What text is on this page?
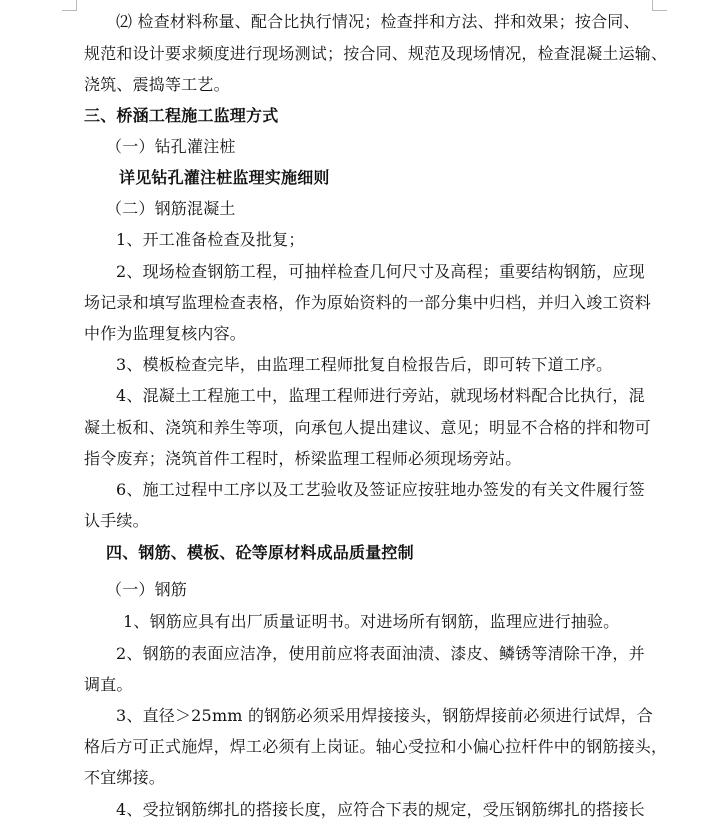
⑵ 检查材料称量、配合比执行情况；检查拌和方法、拌和效果；按合同、
规范和设计要求频度进行现场测试；按合同、规范及现场情况，检查混凝土运输、
浇筑、震捣等工艺。
三、桥涵工程施工监理方式
（一）钻孔灌注桩
详见钻孔灌注桩监理实施细则
（二）钢筋混凝土
1、开工准备检查及批复；
2、现场检查钢筋工程，可抽样检查几何尺寸及高程；重要结构钢筋，应现
场记录和填写监理检查表格，作为原始资料的一部分集中归档，并归入竣工资料
中作为监理复核内容。
3、模板检查完毕，由监理工程师批复自检报告后，即可转下道工序。
4、混凝土工程施工中，监理工程师进行旁站，就现场材料配合比执行，混
凝土板和、浇筑和养生等项，向承包人提出建议、意见；明显不合格的拌和物可
指令废弃；浇筑首件工程时，桥梁监理工程师必须现场旁站。
6、施工过程中工序以及工艺验收及签证应按驻地办签发的有关文件履行签
认手续。
四、钢筋、模板、砼等原材料成品质量控制
（一）钢筋
1、钢筋应具有出厂质量证明书。对进场所有钢筋，监理应进行抽验。
2、钢筋的表面应洁净，使用前应将表面油渍、漆皮、鳞锈等清除干净，并
调直。
3、直径＞25mm 的钢筋必须采用焊接接头，钢筋焊接前必须进行试焊，合
格后方可正式施焊，焊工必须有上岗证。轴心受拉和小偏心拉杆件中的钢筋接头，
不宜绑接。
4、受拉钢筋绑扎的搭接长度，应符合下表的规定，受压钢筋绑扎的搭接长
